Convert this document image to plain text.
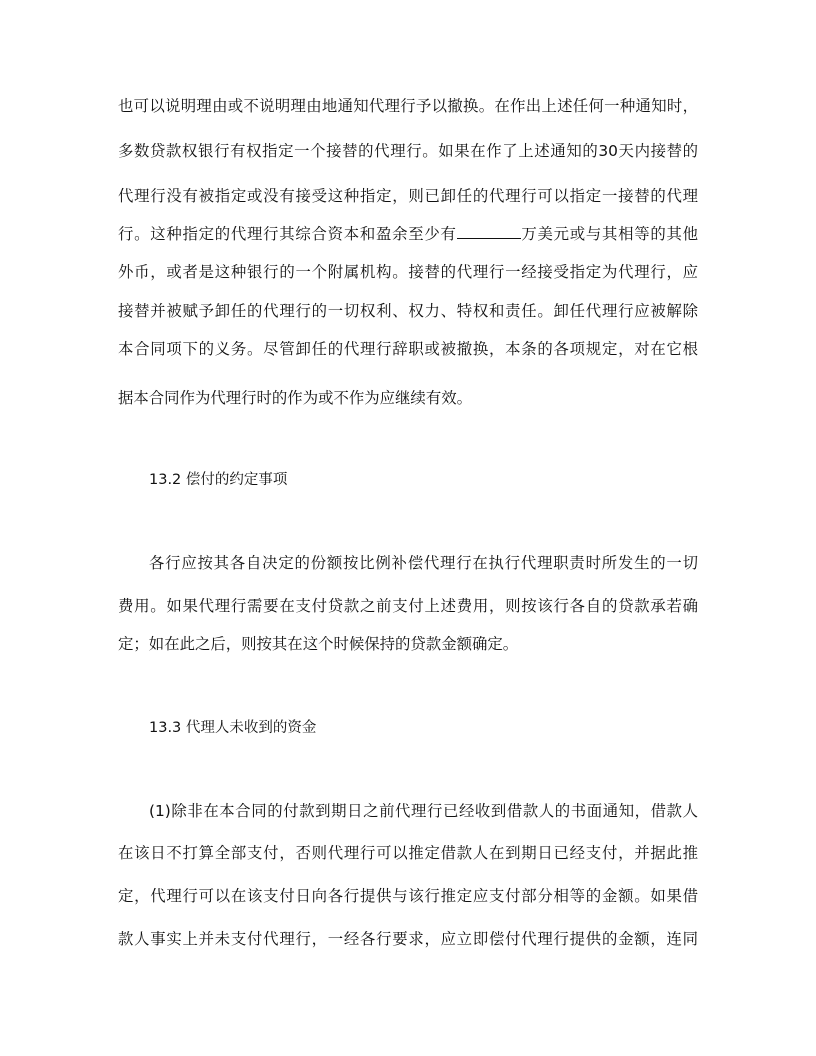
也可以说明理由或不说明理由地通知代理行予以撤换。在作出上述任何一种通知时，
多数贷款权银行有权指定一个接替的代理行。如果在作了上述通知的30天内接替的
代理行没有被指定或没有接受这种指定，则已卸任的代理行可以指定一接替的代理
行。这种指定的代理行其综合资本和盈余至少有	万美元或与其相等的其他
外币，或者是这种银行的一个附属机构。接替的代理行一经接受指定为代理行，应
接替并被赋予卸任的代理行的一切权利、权力、特权和责任。卸任代理行应被解除
本合同项下的义务。尽管卸任的代理行辞职或被撤换，本条的各项规定，对在它根
据本合同作为代理行时的作为或不作为应继续有效。
13.2 偿付的约定事项
各行应按其各自决定的份额按比例补偿代理行在执行代理职责时所发生的一切
费用。如果代理行需要在支付贷款之前支付上述费用，则按该行各自的贷款承若确
定；如在此之后，则按其在这个时候保持的贷款金额确定。
13.3 代理人未收到的资金
(1)除非在本合同的付款到期日之前代理行已经收到借款人的书面通知，借款人
在该日不打算全部支付，否则代理行可以推定借款人在到期日已经支付，并据此推
定，代理行可以在该支付日向各行提供与该行推定应支付部分相等的金额。如果借
款人事实上并未支付代理行，一经各行要求，应立即偿付代理行提供的金额，连同
